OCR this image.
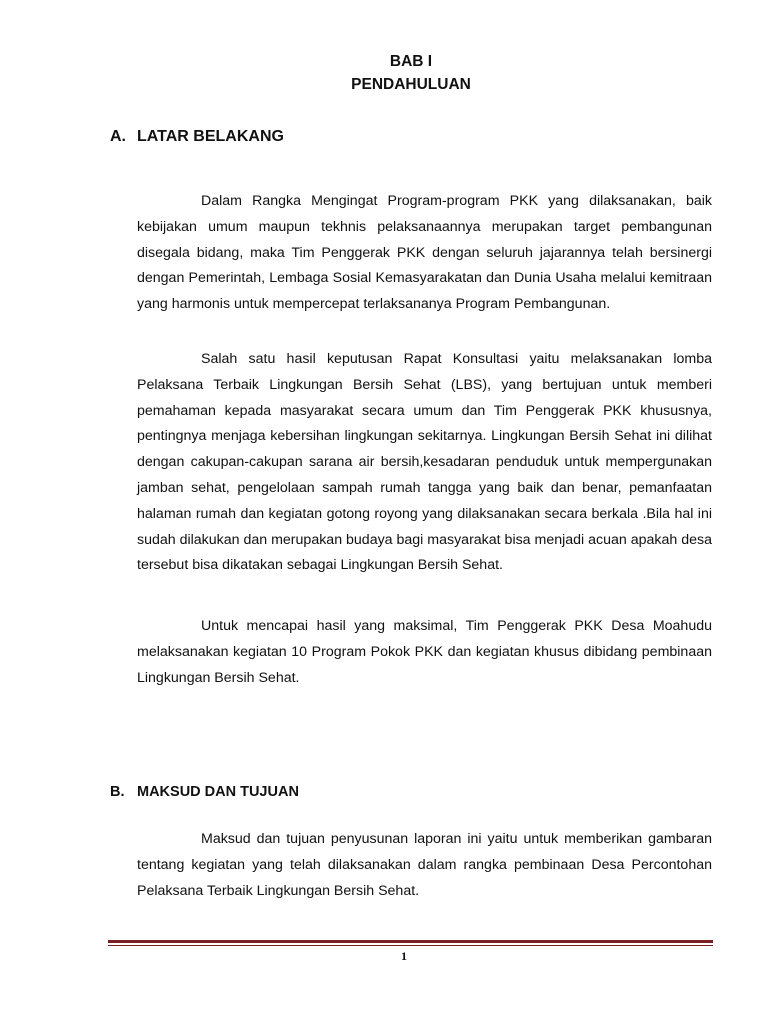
BAB I
PENDAHULUAN
A. LATAR BELAKANG

Dalam Rangka Mengingat Program-program PKK yang dilaksanakan, baik kebijakan umum maupun tekhnis pelaksanaannya merupakan target pembangunan disegala bidang, maka Tim Penggerak PKK dengan seluruh jajarannya telah bersinergi dengan Pemerintah, Lembaga Sosial Kemasyarakatan dan Dunia Usaha melalui kemitraan yang harmonis untuk mempercepat terlaksananya Program Pembangunan.

Salah satu hasil keputusan Rapat Konsultasi yaitu melaksanakan lomba Pelaksana Terbaik Lingkungan Bersih Sehat (LBS), yang bertujuan untuk memberi pemahaman kepada masyarakat secara umum dan Tim Penggerak PKK khususnya, pentingnya menjaga kebersihan lingkungan sekitarnya. Lingkungan Bersih Sehat ini dilihat dengan cakupan-cakupan sarana air bersih,kesadaran penduduk untuk mempergunakan jamban sehat, pengelolaan sampah rumah tangga yang baik dan benar, pemanfaatan halaman rumah dan kegiatan gotong royong yang dilaksanakan secara berkala .Bila hal ini sudah dilakukan dan merupakan budaya bagi masyarakat bisa menjadi acuan apakah desa tersebut bisa dikatakan sebagai Lingkungan Bersih Sehat.

Untuk mencapai hasil yang maksimal, Tim Penggerak PKK Desa Moahudu melaksanakan kegiatan 10 Program Pokok PKK dan kegiatan khusus dibidang pembinaan Lingkungan Bersih Sehat.

B. MAKSUD DAN TUJUAN

Maksud dan tujuan penyusunan laporan ini yaitu untuk memberikan gambaran tentang kegiatan yang telah dilaksanakan dalam rangka pembinaan Desa Percontohan Pelaksana Terbaik Lingkungan Bersih Sehat.

1
